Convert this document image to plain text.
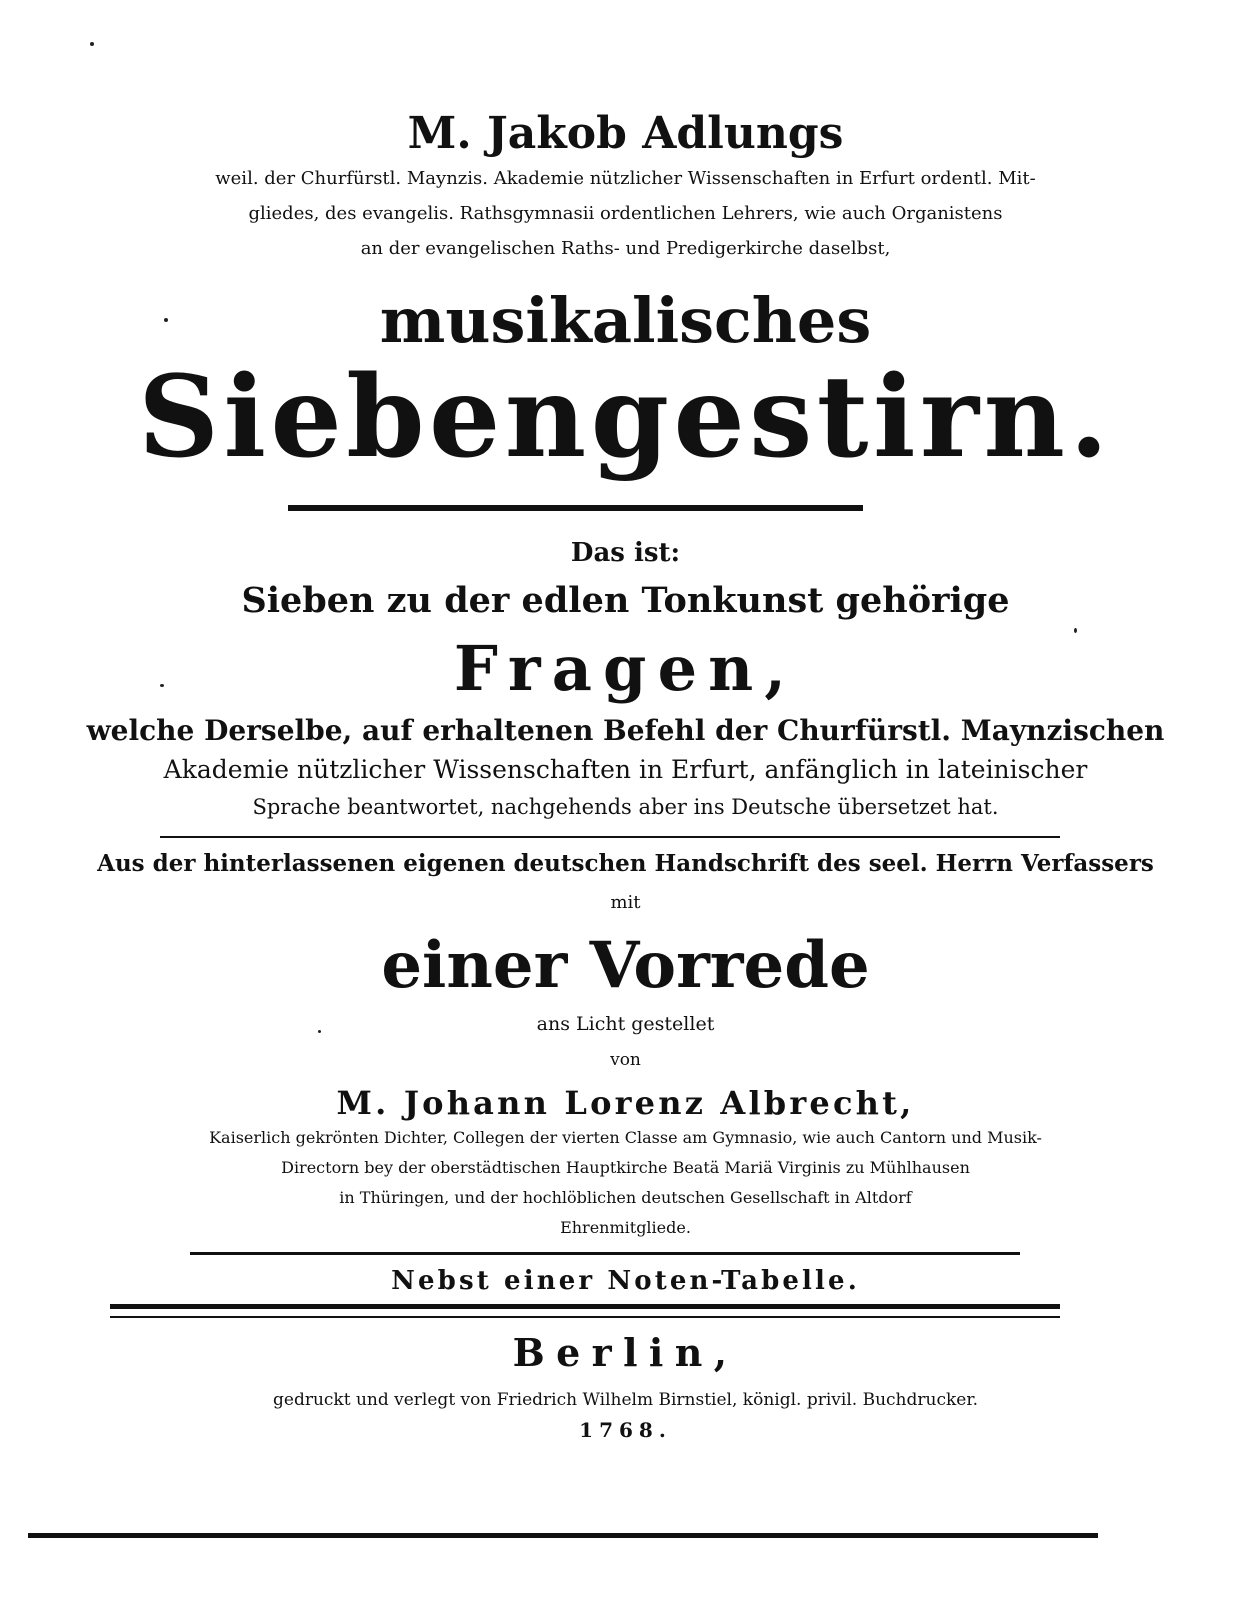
M. Jakob Adlungs
weil. der Churfürstl. Maynzis. Akademie nützlicher Wissenschaften in Erfurt ordentl. Mit-
gliedes, des evangelis. Rathsgymnasii ordentlichen Lehrers, wie auch Organistens
an der evangelischen Raths- und Predigerkirche daselbst,
musikalisches
Siebengestirn.
Das ist:
Sieben zu der edlen Tonkunst gehörige
Fragen,
welche Derselbe, auf erhaltenen Befehl der Churfürstl. Maynzischen
Akademie nützlicher Wissenschaften in Erfurt, anfänglich in lateinischer
Sprache beantwortet, nachgehends aber ins Deutsche übersetzet hat.
Aus der hinterlassenen eigenen deutschen Handschrift des seel. Herrn Verfassers
mit
einer Vorrede
ans Licht gestellet
von
M. Johann Lorenz Albrecht,
Kaiserlich gekrönten Dichter, Collegen der vierten Classe am Gymnasio, wie auch Cantorn und Musik-
Directorn bey der oberstädtischen Hauptkirche Beatä Mariä Virginis zu Mühlhausen
in Thüringen, und der hochlöblichen deutschen Gesellschaft in Altdorf
Ehrenmitgliede.
Nebst einer Noten-Tabelle.
Berlin,
gedruckt und verlegt von Friedrich Wilhelm Birnstiel, königl. privil. Buchdrucker.
1768.
